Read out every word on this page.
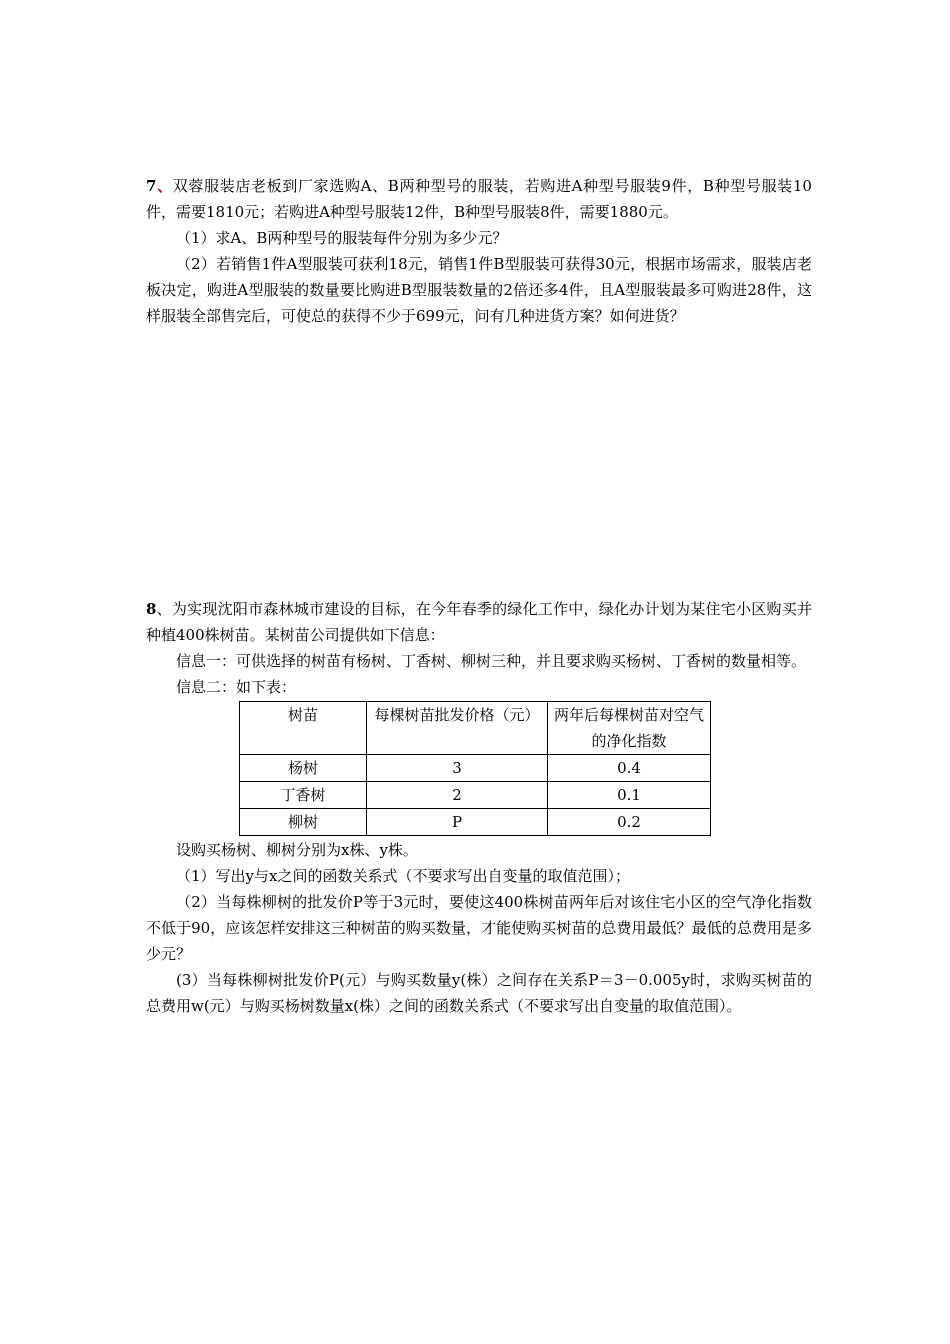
7、双蓉服装店老板到厂家选购A、B两种型号的服装，若购进A种型号服装9件，B种型号服装10件，需要1810元；若购进A种型号服装12件，B种型号服装8件，需要1880元。

（1）求A、B两种型号的服装每件分别为多少元？

（2）若销售1件A型服装可获利18元，销售1件B型服装可获得30元，根据市场需求，服装店老板决定，购进A型服装的数量要比购进B型服装数量的2倍还多4件，且A型服装最多可购进28件，这样服装全部售完后，可使总的获得不少于699元，问有几种进货方案？如何进货？

8、为实现沈阳市森林城市建设的目标，在今年春季的绿化工作中，绿化办计划为某住宅小区购买并种植400株树苗。某树苗公司提供如下信息：

信息一：可供选择的树苗有杨树、丁香树、柳树三种，并且要求购买杨树、丁香树的数量相等。

信息二：如下表：

树苗	每棵树苗批发价格（元）	两年后每棵树苗对空气的净化指数
杨树	3	0.4
丁香树	2	0.1
柳树	P	0.2

设购买杨树、柳树分别为x株、y株。

（1）写出y与x之间的函数关系式（不要求写出自变量的取值范围）；

（2）当每株柳树的批发价P等于3元时，要使这400株树苗两年后对该住宅小区的空气净化指数不低于90，应该怎样安排这三种树苗的购买数量，才能使购买树苗的总费用最低？最低的总费用是多少元？

(3）当每株柳树批发价P(元）与购买数量y(株）之间存在关系P＝3－0.005y时，求购买树苗的总费用w(元）与购买杨树数量x(株）之间的函数关系式（不要求写出自变量的取值范围）。
